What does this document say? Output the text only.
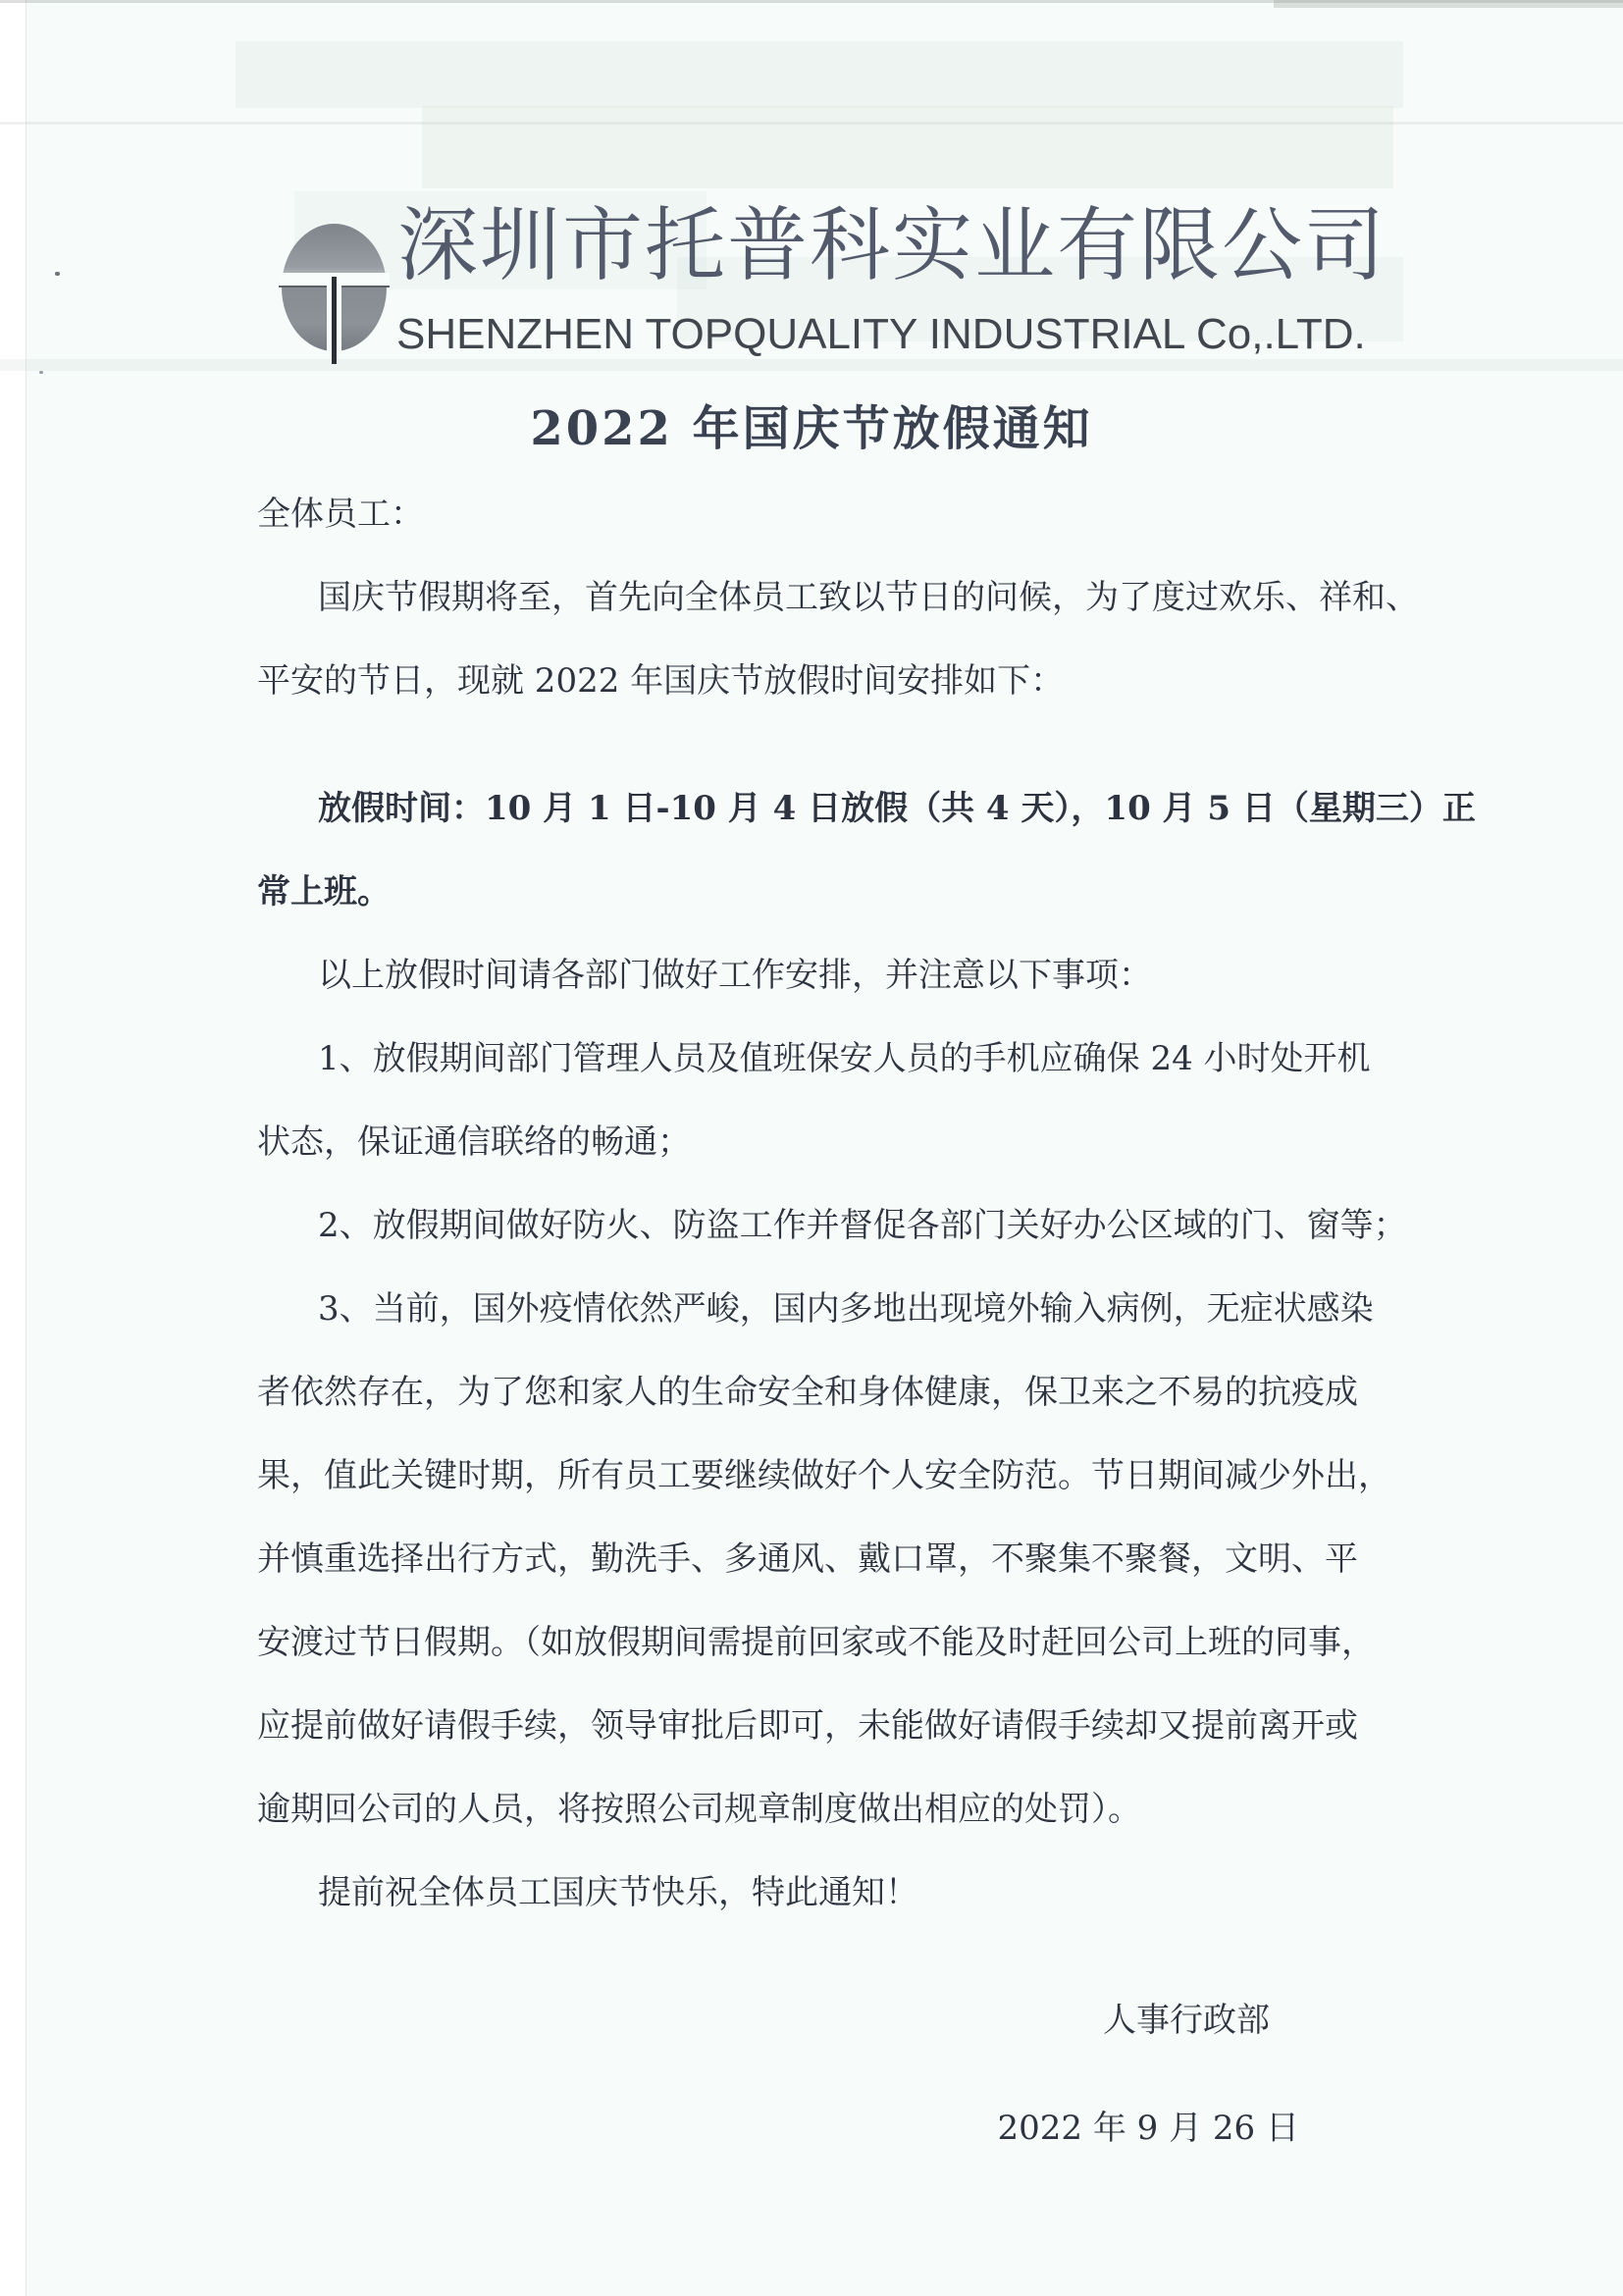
深圳市托普科实业有限公司
SHENZHEN TOPQUALITY INDUSTRIAL Co,.LTD.
2022 年国庆节放假通知
全体员工：
国庆节假期将至，首先向全体员工致以节日的问候，为了度过欢乐、祥和、
平安的节日，现就 2022 年国庆节放假时间安排如下：
放假时间：10 月 1 日-10 月 4 日放假（共 4 天），10 月 5 日（星期三）正
常上班。
以上放假时间请各部门做好工作安排，并注意以下事项：
1、放假期间部门管理人员及值班保安人员的手机应确保 24 小时处开机
状态，保证通信联络的畅通；
2、放假期间做好防火、防盗工作并督促各部门关好办公区域的门、窗等；
3、当前，国外疫情依然严峻，国内多地出现境外输入病例，无症状感染
者依然存在，为了您和家人的生命安全和身体健康，保卫来之不易的抗疫成
果，值此关键时期，所有员工要继续做好个人安全防范。节日期间减少外出，
并慎重选择出行方式，勤洗手、多通风、戴口罩，不聚集不聚餐，文明、平
安渡过节日假期。（如放假期间需提前回家或不能及时赶回公司上班的同事，
应提前做好请假手续，领导审批后即可，未能做好请假手续却又提前离开或
逾期回公司的人员，将按照公司规章制度做出相应的处罚）。
提前祝全体员工国庆节快乐，特此通知！
人事行政部
2022 年 9 月 26 日
